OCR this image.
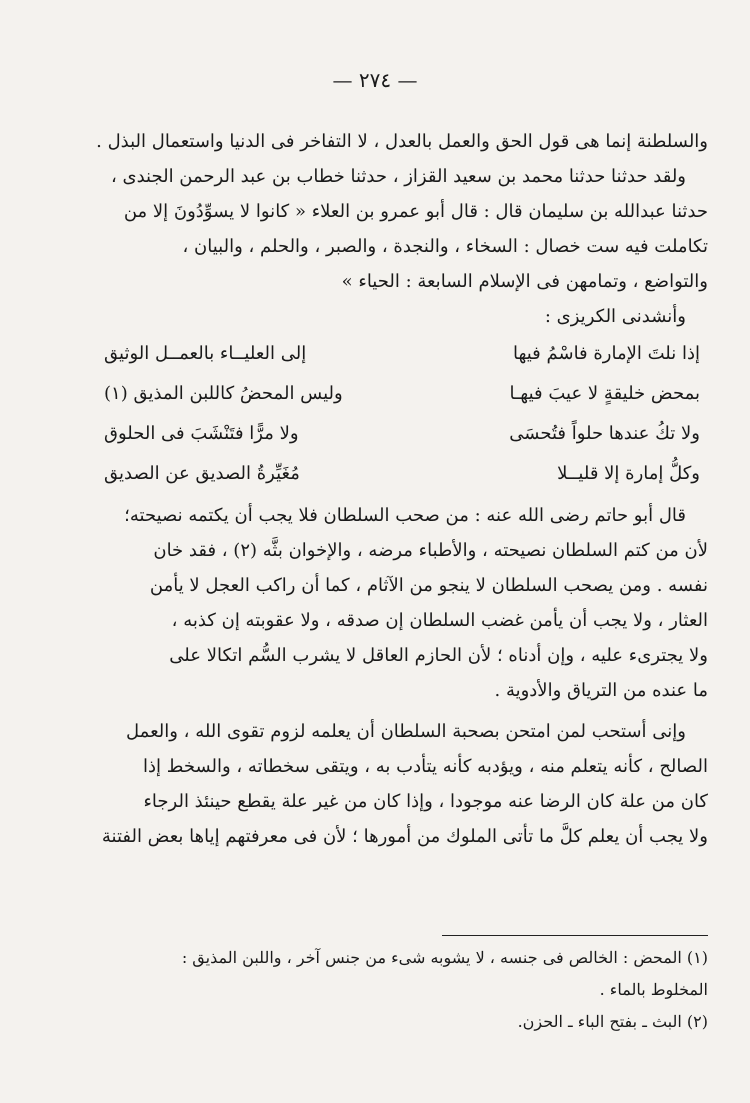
— ٢٧٤ —
والسلطنة إنما هى قول الحق والعمل بالعدل ، لا التفاخر فى الدنيا واستعمال البذل .
ولقد حدثنا حدثنا محمد بن سعيد القزاز ، حدثنا خطاب بن عبد الرحمن الجندى ،
حدثنا عبدالله بن سليمان قال : قال أبو عمرو بن العلاء « كانوا لا يسوِّدُونَ إلا من
تكاملت فيه ست خصال : السخاء ، والنجدة ، والصبر ، والحلم ، والبيان ،
والتواضع ، وتمامهن فى الإسلام السابعة : الحياء »
وأنشدنى الكريزى :
إذا نلتَ الإمارة فاسْمُ فيها
إلى العليــاء بالعمــل الوثيق
بمحض خليقةٍ لا عيبَ فيهـا
وليس المحضُ كاللبن المذيق (١)
ولا تكُ عندها حلواً فتُحسَى
ولا مرًّا فتَنْشَبَ فى الحلوق
وكلُّ إمارة إلا قليــلا
مُغَيِّرةُ الصديق عن الصديق
قال أبو حاتم رضى الله عنه : من صحب السلطان فلا يجب أن يكتمه نصيحته؛
لأن من كتم السلطان نصيحته ، والأطباء مرضه ، والإخوان بثَّه (٢) ، فقد خان
نفسه . ومن يصحب السلطان لا ينجو من الآثام ، كما أن راكب العجل لا يأمن
العثار ، ولا يجب أن يأمن غضب السلطان إن صدقه ، ولا عقوبته إن كذبه ،
ولا يجترىء عليه ، وإن أدناه ؛ لأن الحازم العاقل لا يشرب السُّم اتكالا على
ما عنده من الترياق والأدوية .
وإنى أستحب لمن امتحن بصحبة السلطان أن يعلمه لزوم تقوى الله ، والعمل
الصالح ، كأنه يتعلم منه ، ويؤدبه كأنه يتأدب به ، ويتقى سخطاته ، والسخط إذا
كان من علة كان الرضا عنه موجودا ، وإذا كان من غير علة يقطع حينئذ الرجاء
ولا يجب أن يعلم كلَّ ما تأتى الملوك من أمورها ؛ لأن فى معرفتهم إياها بعض الفتنة
(١) المحض : الخالص فى جنسه ، لا يشوبه شىء من جنس آخر ، واللبن المذيق :
المخلوط بالماء .
(٢) البث ـ بفتح الباء ـ الحزن.
